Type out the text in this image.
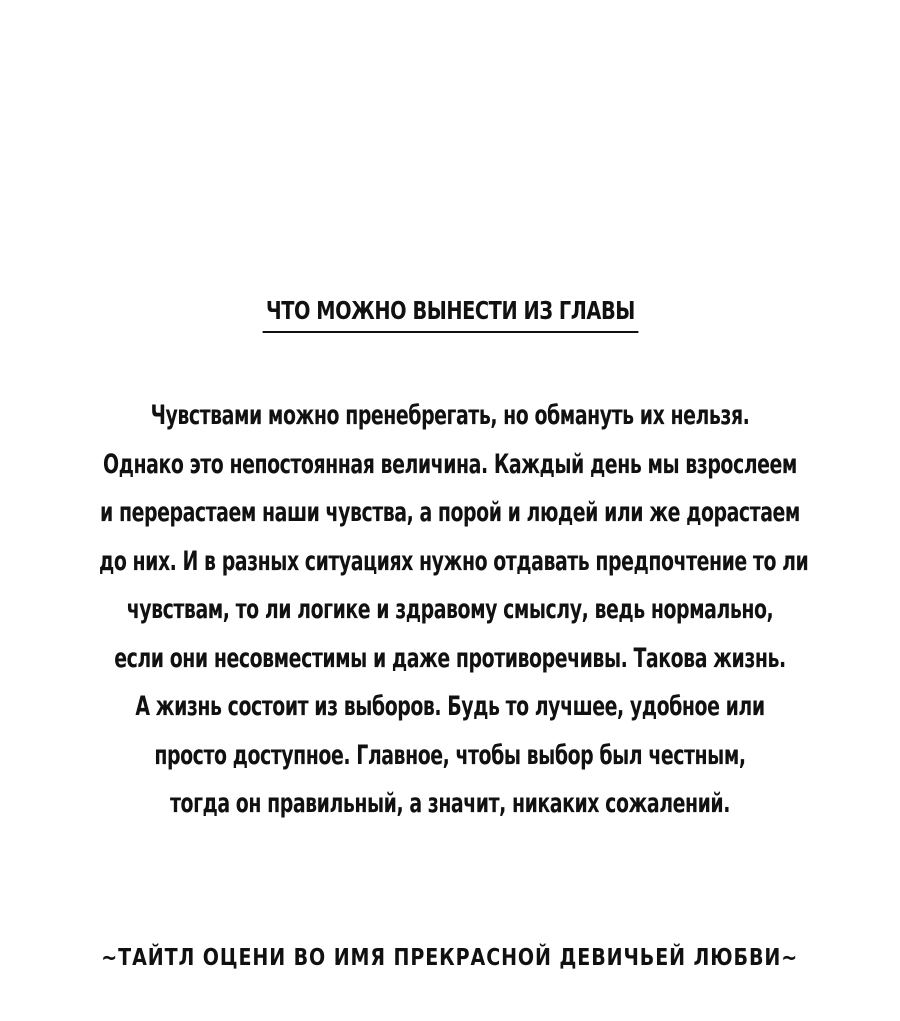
ЧТО МОЖНО ВЫНЕСТИ ИЗ ГЛАВЫ
Чувствами можно пренебрегать, но обмануть их нельзя.
Однако это непостоянная величина. Каждый день мы взрослеем
и перерастаем наши чувства, а порой и людей или же дорастаем
до них. И в разных ситуациях нужно отдавать предпочтение то ли
чувствам, то ли логике и здравому смыслу, ведь нормально,
если они несовместимы и даже противоречивы. Такова жизнь.
А жизнь состоит из выборов. Будь то лучшее, удобное или
просто доступное. Главное, чтобы выбор был честным,
тогда он правильный, а значит, никаких сожалений.
~ТАЙТЛ ОЦЕНИ ВО ИМЯ ПРЕКРАСНОЙ ДЕВИЧЬЕЙ ЛЮБВИ~
